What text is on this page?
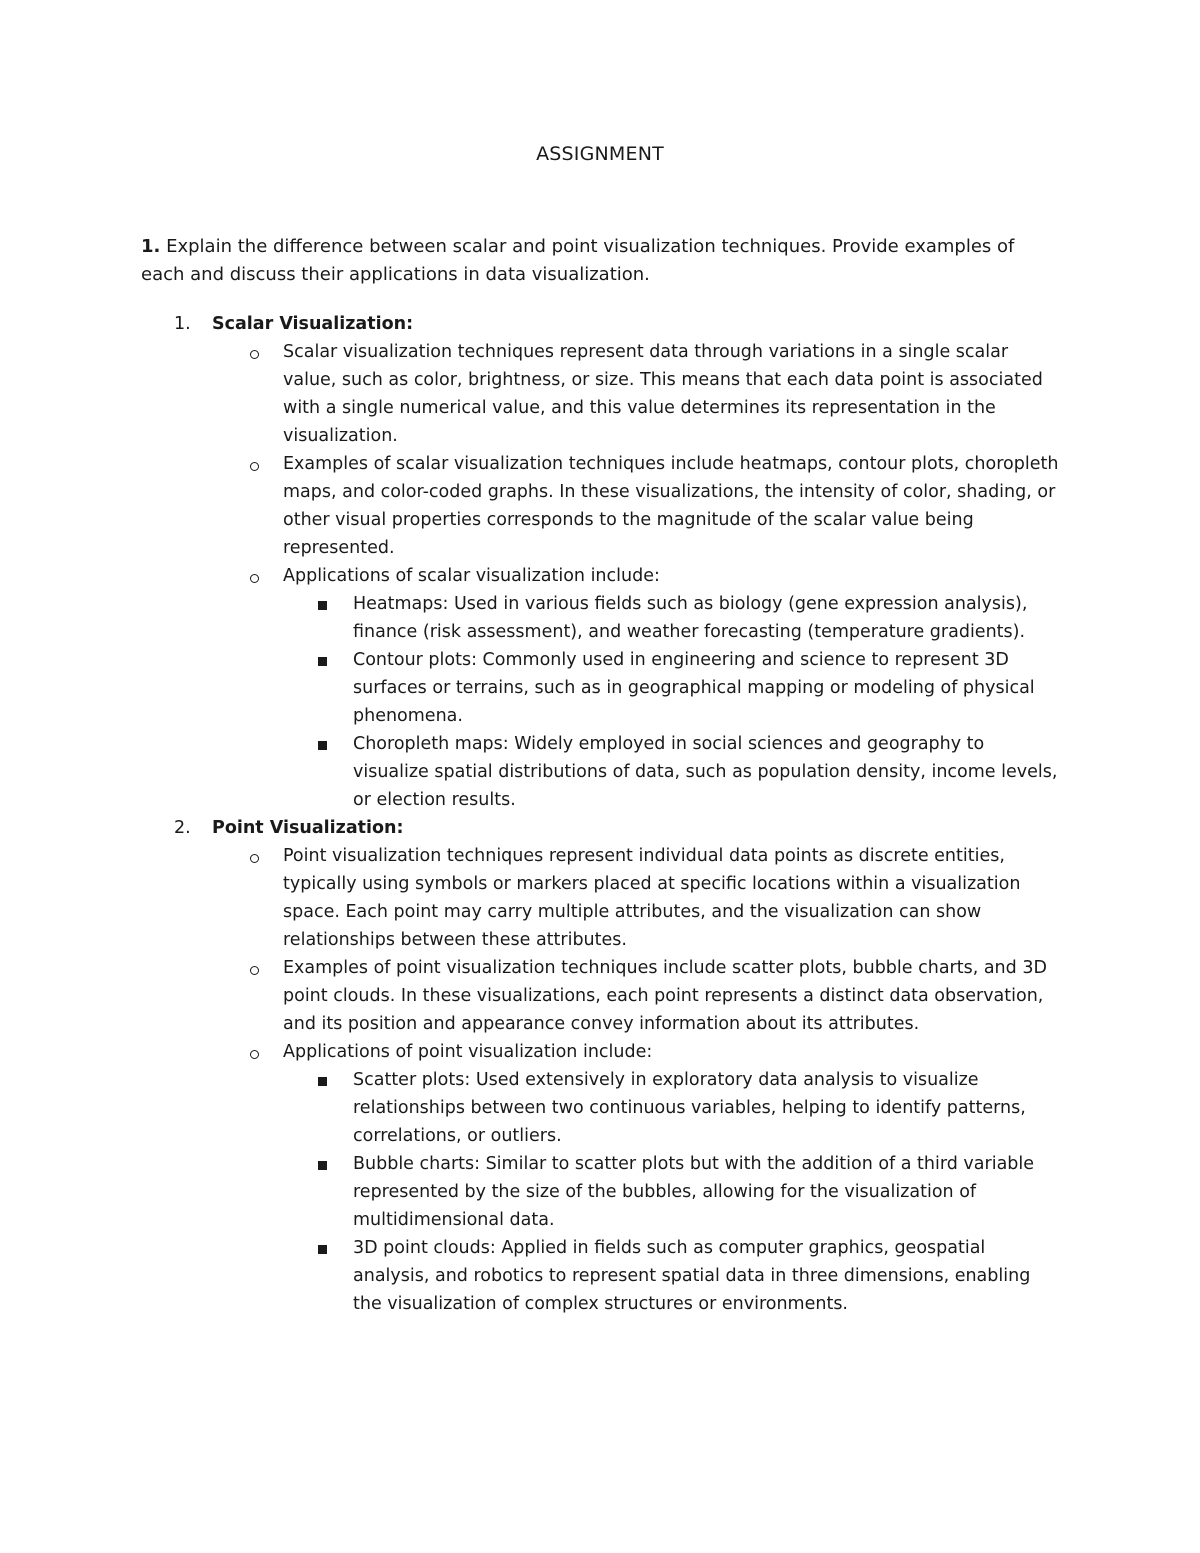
ASSIGNMENT
1. Explain the difference between scalar and point visualization techniques. Provide examples of each and discuss their applications in data visualization.
1. Scalar Visualization:
Scalar visualization techniques represent data through variations in a single scalar value, such as color, brightness, or size. This means that each data point is associated with a single numerical value, and this value determines its representation in the visualization.
Examples of scalar visualization techniques include heatmaps, contour plots, choropleth maps, and color-coded graphs. In these visualizations, the intensity of color, shading, or other visual properties corresponds to the magnitude of the scalar value being represented.
Applications of scalar visualization include:
Heatmaps: Used in various fields such as biology (gene expression analysis), finance (risk assessment), and weather forecasting (temperature gradients).
Contour plots: Commonly used in engineering and science to represent 3D surfaces or terrains, such as in geographical mapping or modeling of physical phenomena.
Choropleth maps: Widely employed in social sciences and geography to visualize spatial distributions of data, such as population density, income levels, or election results.
2. Point Visualization:
Point visualization techniques represent individual data points as discrete entities, typically using symbols or markers placed at specific locations within a visualization space. Each point may carry multiple attributes, and the visualization can show relationships between these attributes.
Examples of point visualization techniques include scatter plots, bubble charts, and 3D point clouds. In these visualizations, each point represents a distinct data observation, and its position and appearance convey information about its attributes.
Applications of point visualization include:
Scatter plots: Used extensively in exploratory data analysis to visualize relationships between two continuous variables, helping to identify patterns, correlations, or outliers.
Bubble charts: Similar to scatter plots but with the addition of a third variable represented by the size of the bubbles, allowing for the visualization of multidimensional data.
3D point clouds: Applied in fields such as computer graphics, geospatial analysis, and robotics to represent spatial data in three dimensions, enabling the visualization of complex structures or environments.
